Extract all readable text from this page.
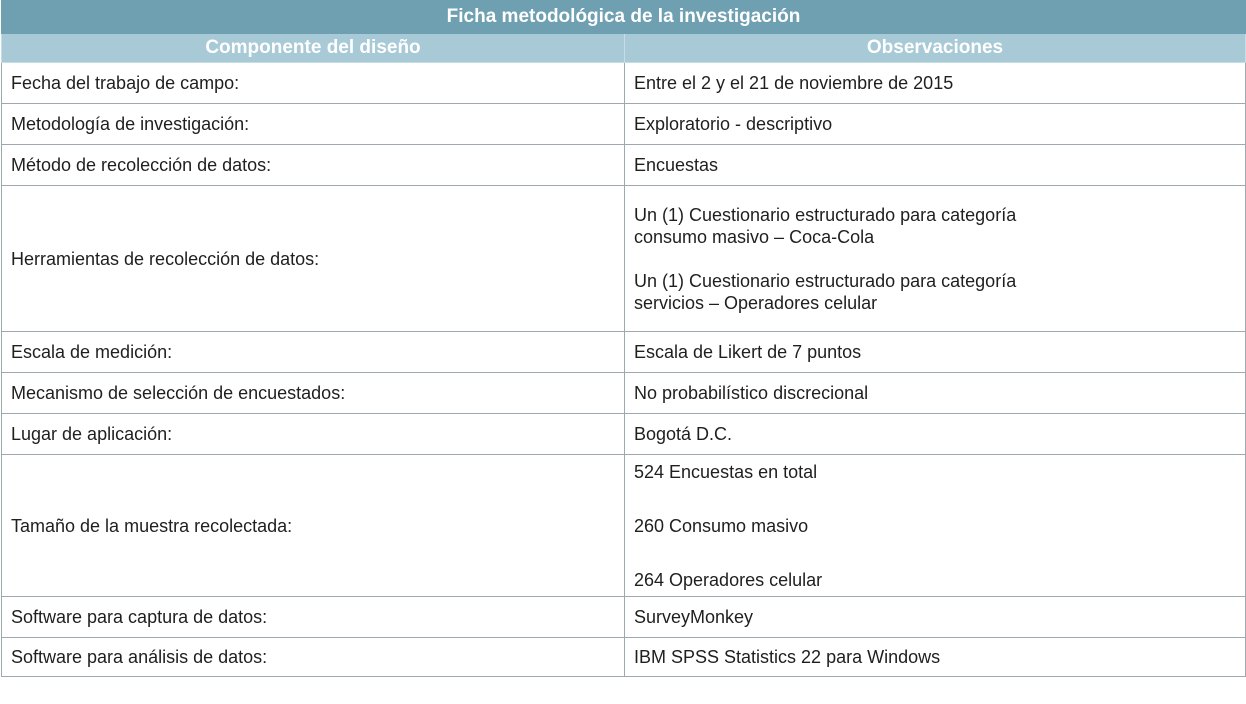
Ficha metodológica de la investigación	
Componente del diseño	Observaciones
Fecha del trabajo de campo:	Entre el 2 y el 21 de noviembre de 2015
Metodología de investigación:	Exploratorio - descriptivo
Método de recolección de datos:	Encuestas
Herramientas de recolección de datos:	Un (1) Cuestionario estructurado para categoría
consumo masivo – Coca-Cola
Un (1) Cuestionario estructurado para categoría
servicios – Operadores celular

Escala de medición:	Escala de Likert de 7 puntos
Mecanismo de selección de encuestados:	No probabilístico discrecional
Lugar de aplicación:	Bogotá D.C.
Tamaño de la muestra recolectada:	524 Encuestas en total
260 Consumo masivo
264 Operadores celular

Software para captura de datos:	SurveyMonkey
Software para análisis de datos:	IBM SPSS Statistics 22 para Windows
